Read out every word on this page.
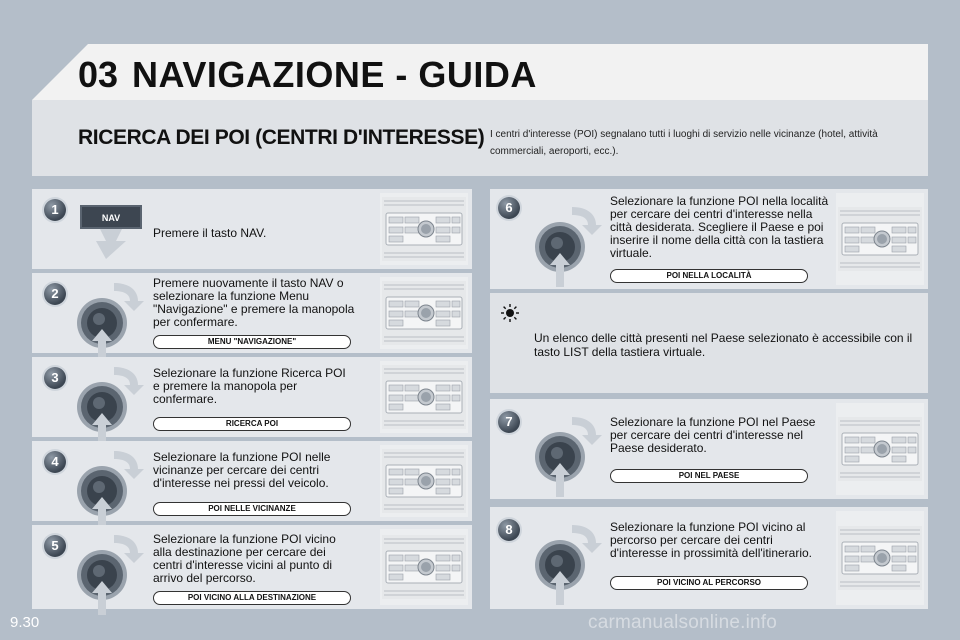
03 NAVIGAZIONE - GUIDA
RICERCA DEI POI (CENTRI D'INTERESSE) I centri d'interesse (POI) segnalano tutti i luoghi di servizio nelle vicinanze (hotel, attività commerciali, aeroporti, ecc.).
1
NAV
Premere il tasto NAV.
2
Premere nuovamente il tasto NAV o selezionare la funzione Menu "Navigazione" e premere la manopola per confermare.
MENU "NAVIGAZIONE"
3	Selezionare la funzione Ricerca POI e premere la manopola per confermare.
RICERCA POI
4	Selezionare la funzione POI nelle vicinanze per cercare dei centri d'interesse nei pressi del veicolo.
POI NELLE VICINANZE
5	Selezionare la funzione POI vicino alla destinazione per cercare dei centri d'interesse vicini al punto di arrivo del percorso.
POI VICINO ALLA DESTINAZIONE
6	Selezionare la funzione POI nella località per cercare dei centri d'interesse nella città desiderata. Scegliere il Paese e poi inserire il nome della città con la tastiera virtuale.
POI NELLA LOCALITÀ
Un elenco delle città presenti nel Paese selezionato è accessibile con il tasto LIST della tastiera virtuale.
7	Selezionare la funzione POI nel Paese per cercare dei centri d'interesse nel Paese desiderato.
POI NEL PAESE
8	Selezionare la funzione POI vicino al percorso per cercare dei centri d'interesse in prossimità dell'itinerario.
POI VICINO AL PERCORSO
9.30	carmanualsonline.info
